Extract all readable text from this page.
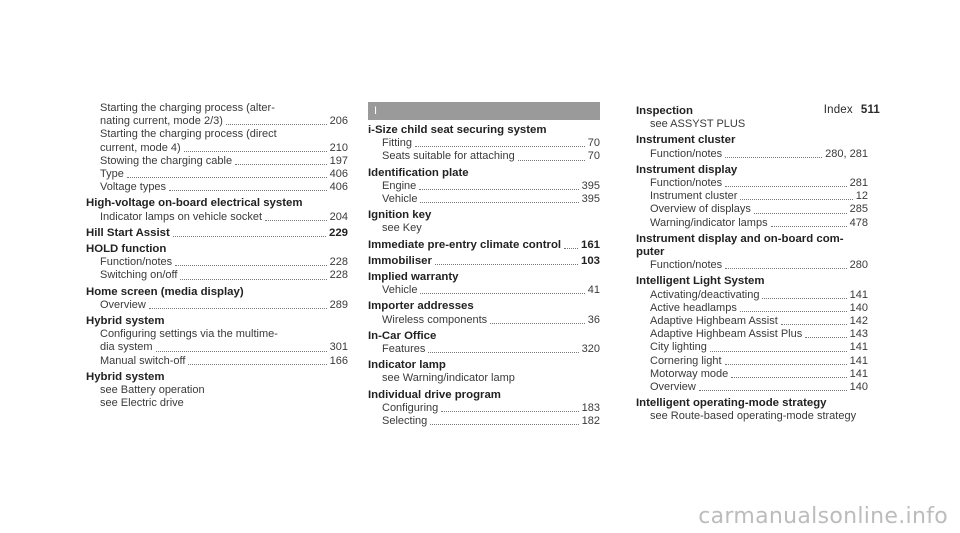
Index 511
Starting the charging process (alter-
nating current, mode 2/3)	206
Starting the charging process (direct
current, mode 4)	210
Stowing the charging cable	197
Type	406
Voltage types	406
High-voltage on-board electrical system
Indicator lamps on vehicle socket	204
Hill Start Assist	229
HOLD function
Function/notes	228
Switching on/off	228
Home screen (media display)
Overview	289
Hybrid system
Configuring settings via the multime-
dia system	301
Manual switch-off	166
Hybrid system
see Battery operation
see Electric drive
I
i-Size child seat securing system
Fitting	70
Seats suitable for attaching	70
Identification plate
Engine	395
Vehicle	395
Ignition key
see Key
Immediate pre-entry climate control 161
Immobiliser	103
Implied warranty
Vehicle	41
Importer addresses
Wireless components	36
In-Car Office
Features	320
Indicator lamp
see Warning/indicator lamp
Individual drive program
Configuring	183
Selecting	182
Inspection
see ASSYST PLUS
Instrument cluster
Function/notes	280, 281
Instrument display
Function/notes	281
Instrument cluster	12
Overview of displays	285
Warning/indicator lamps	478
Instrument display and on-board com-
puter
Function/notes	280
Intelligent Light System
Activating/deactivating	141
Active headlamps	140
Adaptive Highbeam Assist	142
Adaptive Highbeam Assist Plus	143
City lighting	141
Cornering light	141
Motorway mode	141
Overview	140
Intelligent operating-mode strategy
see Route-based operating-mode strategy
carmanualsonline.info
